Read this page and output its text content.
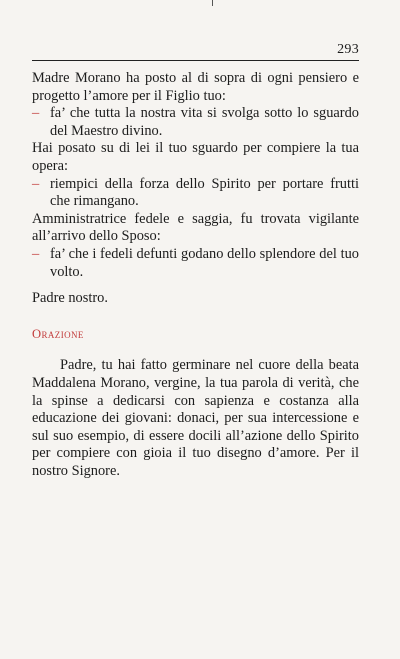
293

Madre Morano ha posto al di sopra di ogni pensiero e progetto l’amore per il Figlio tuo:

– fa’ che tutta la nostra vita si svolga sotto lo sguardo del Maestro divino.

Hai posato su di lei il tuo sguardo per compiere la tua opera:

– riempici della forza dello Spirito per portare frutti che rimangano.

Amministratrice fedele e saggia, fu trovata vigilante all’arrivo dello Sposo:

– fa’ che i fedeli defunti godano dello splendore del tuo volto.

Padre nostro.

Orazione

Padre, tu hai fatto germinare nel cuore della beata Maddalena Morano, vergine, la tua parola di verità, che la spinse a dedicarsi con sapienza e costanza alla educazione dei giovani: donaci, per sua intercessione e sul suo esempio, di essere docili all’azione dello Spirito per compiere con gioia il tuo disegno d’amore. Per il nostro Signore.
